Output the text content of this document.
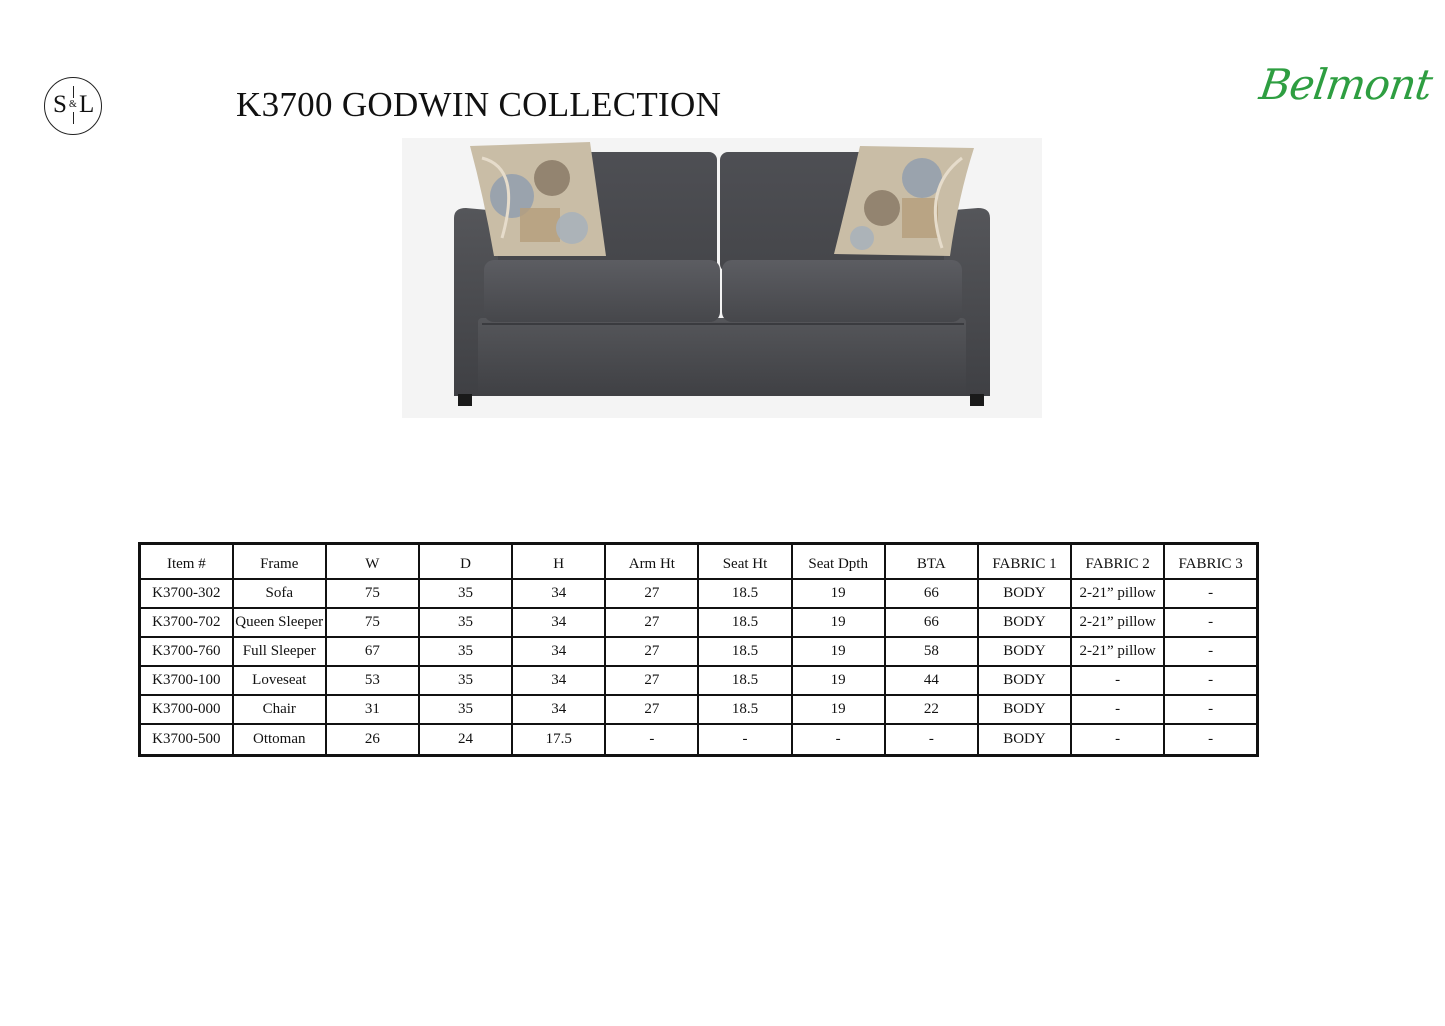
S & L	K3700 GODWIN COLLECTION	Belmont
Item #	Frame	W	D	H	Arm Ht	Seat Ht	Seat Dpth	BTA	FABRIC 1	FABRIC 2	FABRIC 3
K3700-302	Sofa	75	35	34	27	18.5	19	66	BODY	2-21” pillow	-
K3700-702	Queen Sleeper	75	35	34	27	18.5	19	66	BODY	2-21” pillow	-
K3700-760	Full Sleeper	67	35	34	27	18.5	19	58	BODY	2-21” pillow	-
K3700-100	Loveseat	53	35	34	27	18.5	19	44	BODY	-	-
K3700-000	Chair	31	35	34	27	18.5	19	22	BODY	-	-
K3700-500	Ottoman	26	24	17.5	-	-	-	-	BODY	-	-
